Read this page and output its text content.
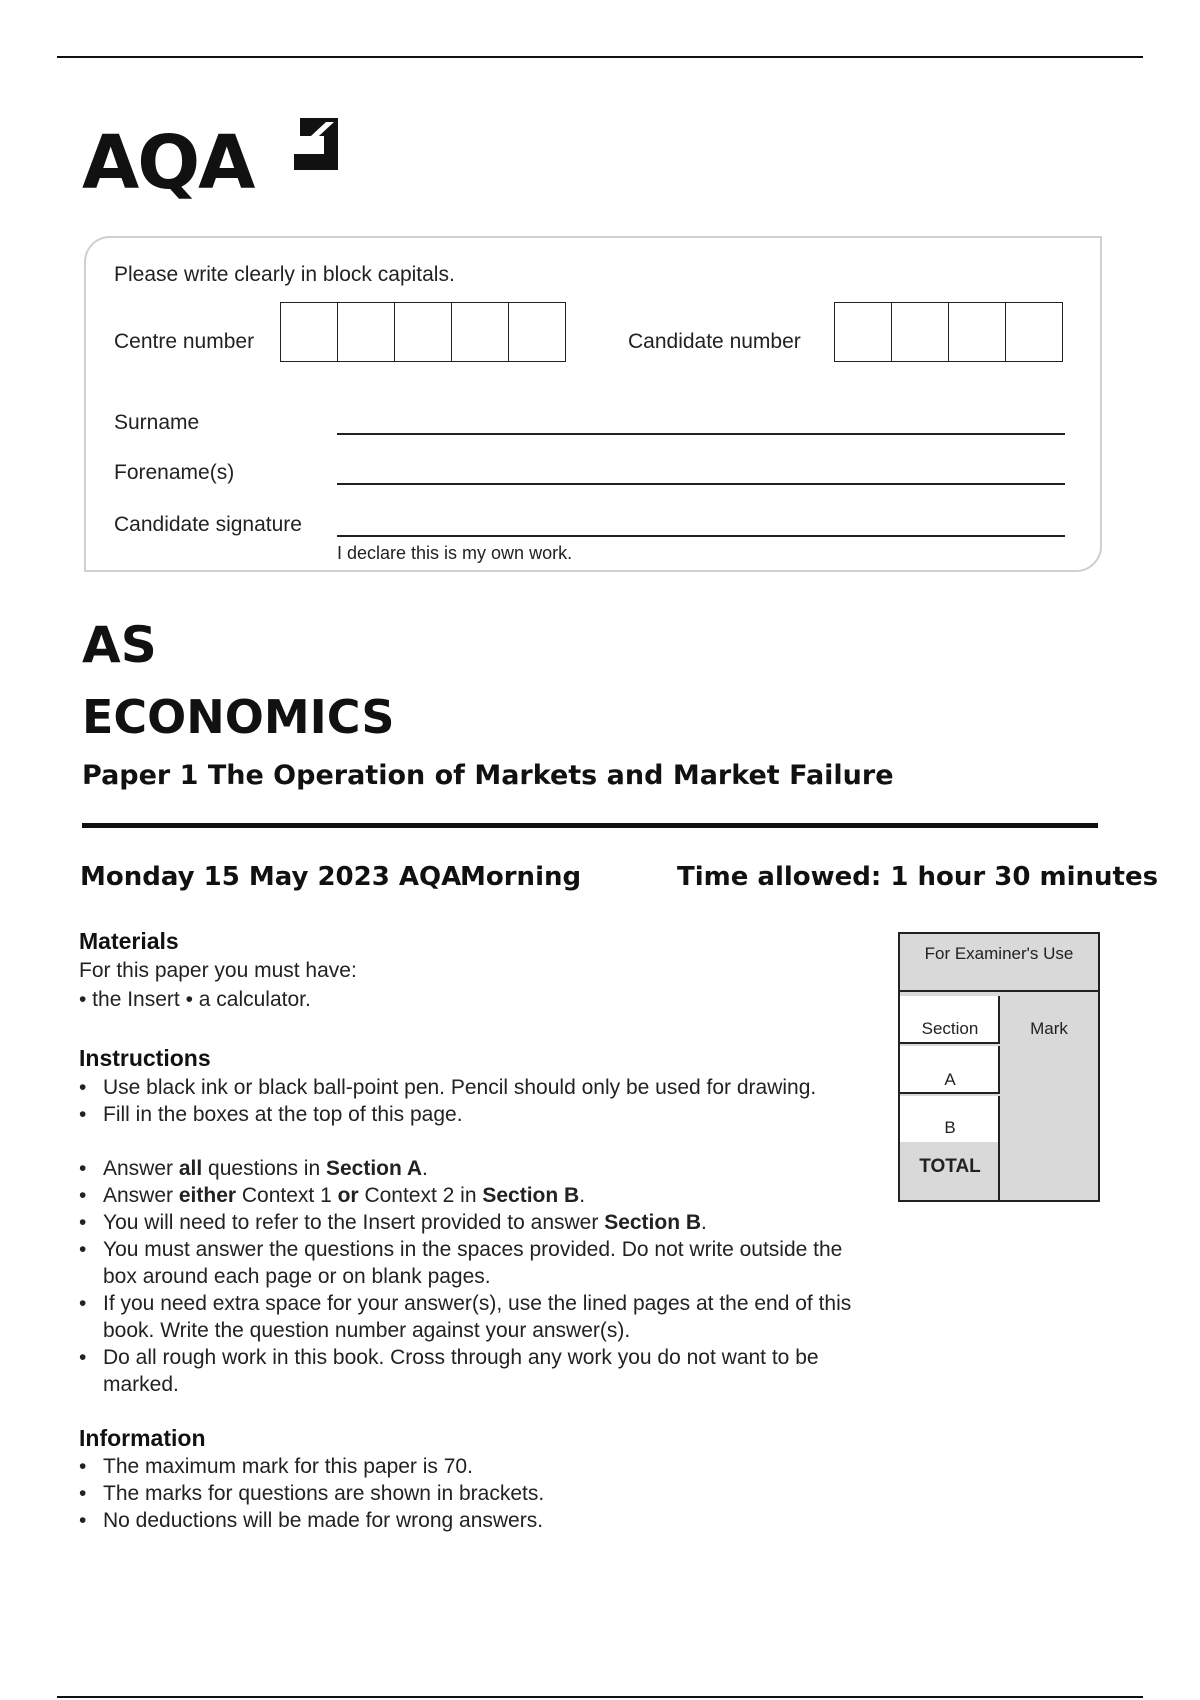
AQA
Please write clearly in block capitals.
Centre number	Candidate number
Surname
Forename(s)
Candidate signature
I declare this is my own work.
AS
ECONOMICS
Paper 1 The Operation of Markets and Market Failure
Monday 15 May 2023 AQA
Morning	Time allowed: 1 hour 30 minutes
Materials
For this paper you must have:
• the Insert • a calculator.
Instructions
• Use black ink or black ball-point pen. Pencil should only be used for drawing.
• Fill in the boxes at the top of this page.
• Answer all questions in Section A.
• Answer either Context 1 or Context 2 in Section B.
• You will need to refer to the Insert provided to answer Section B.
• You must answer the questions in the spaces provided. Do not write outside the box around each page or on blank pages.
• If you need extra space for your answer(s), use the lined pages at the end of this book. Write the question number against your answer(s).
• Do all rough work in this book. Cross through any work you do not want to be marked.
Information
• The maximum mark for this paper is 70.
• The marks for questions are shown in brackets.
• No deductions will be made for wrong answers.
For Examiner's Use
Section	Mark
A
B
TOTAL
